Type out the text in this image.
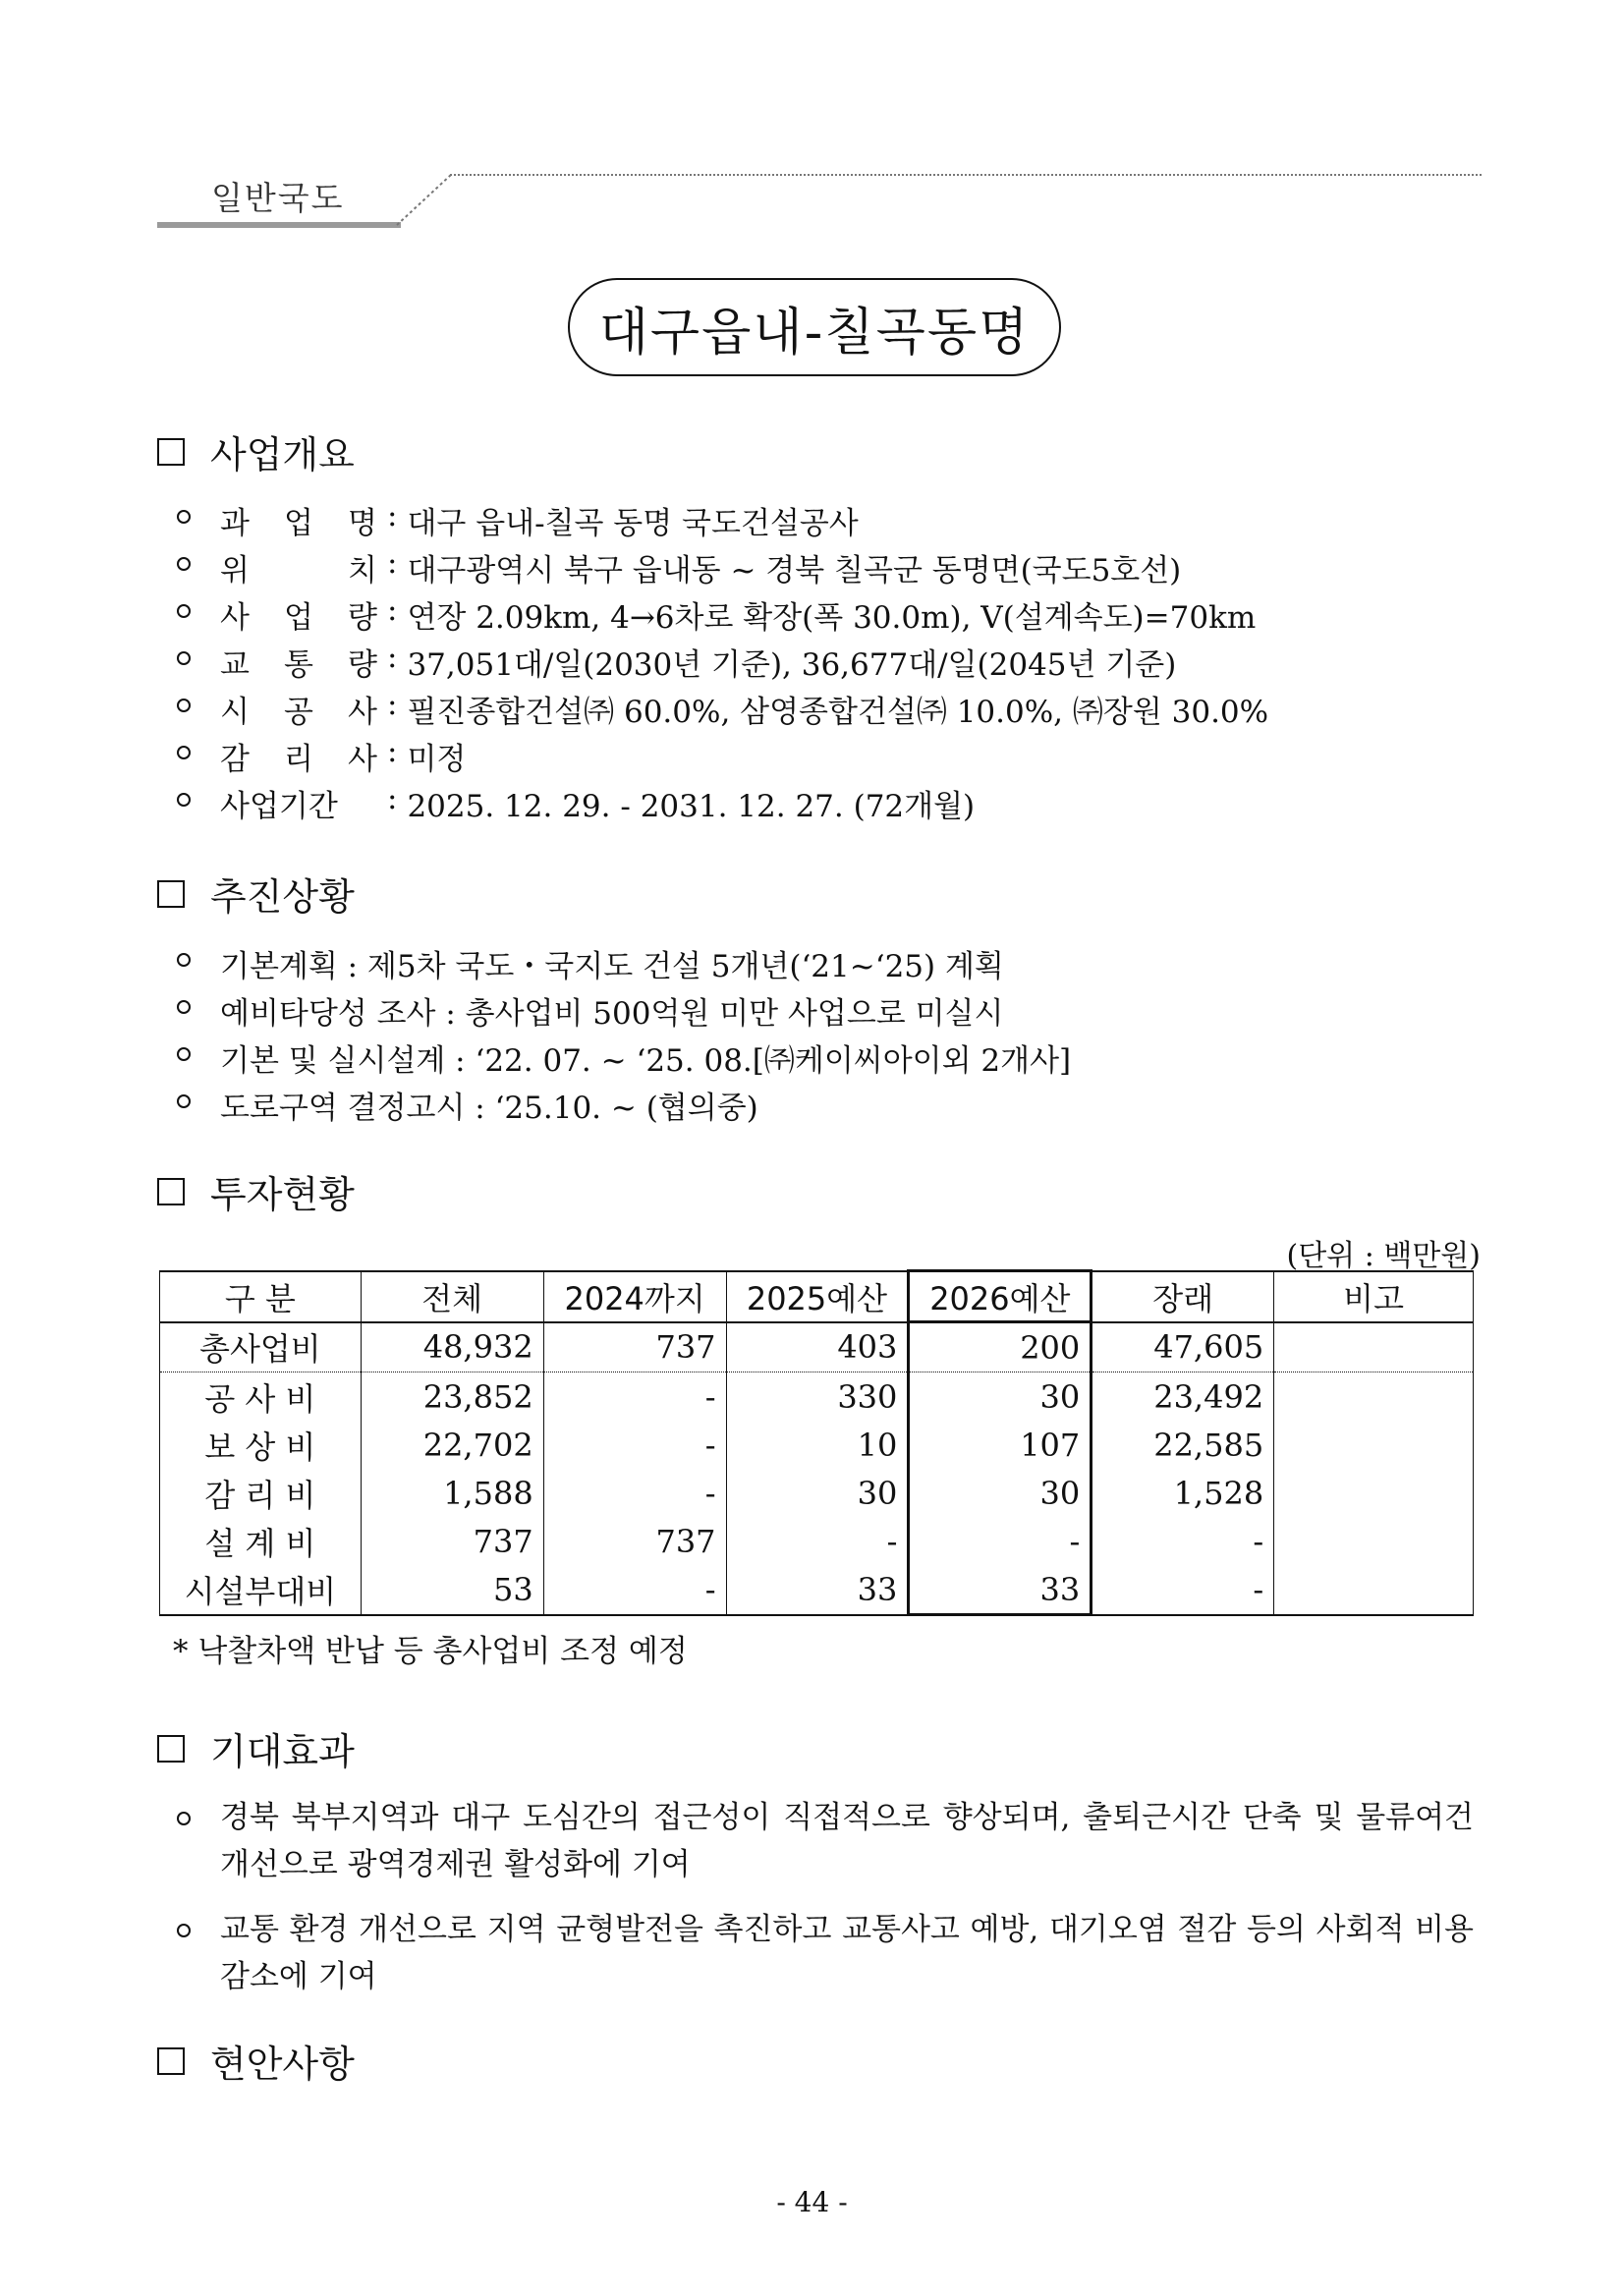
일반국도
대구읍내-칠곡동명
사업개요
과 업 명 : 대구 읍내-칠곡 동명 국도건설공사
위 치 : 대구광역시 북구 읍내동 ~ 경북 칠곡군 동명면(국도5호선)
사 업 량 : 연장 2.09km, 4→6차로 확장(폭 30.0m), V(설계속도)=70km
교 통 량 : 37,051대/일(2030년 기준), 36,677대/일(2045년 기준)
시 공 사 : 필진종합건설㈜ 60.0%, 삼영종합건설㈜ 10.0%, ㈜장원 30.0%
감 리 사 : 미정
사업기간	: 2025. 12. 29. - 2031. 12. 27. (72개월)
추진상황
기본계획 : 제5차 국도・국지도 건설 5개년(‘21~‘25) 계획
예비타당성 조사 : 총사업비 500억원 미만 사업으로 미실시
기본 및 실시설계 : ‘22. 07. ~ ‘25. 08.[㈜케이씨아이외 2개사]
도로구역 결정고시 : ‘25.10. ~ (협의중)
투자현황
(단위 : 백만원)
구 분	전체	2024까지	2025예산	2026예산	장래	비고
총사업비	48,932	737	403	200	47,605	
공 사 비	23,852	-	330	30	23,492	
보 상 비	22,702	-	10	107	22,585	
감 리 비	1,588	-	30	30	1,528	
설 계 비	737	737	-	-	-	
시설부대비	53	-	33	33	-	
* 낙찰차액 반납 등 총사업비 조정 예정
기대효과
경북 북부지역과 대구 도심간의 접근성이 직접적으로 향상되며, 출퇴근시간 단축 및 물류여건 개선으로 광역경제권 활성화에 기여
교통 환경 개선으로 지역 균형발전을 촉진하고 교통사고 예방, 대기오염 절감 등의 사회적 비용 감소에 기여
현안사항
- 44 -
